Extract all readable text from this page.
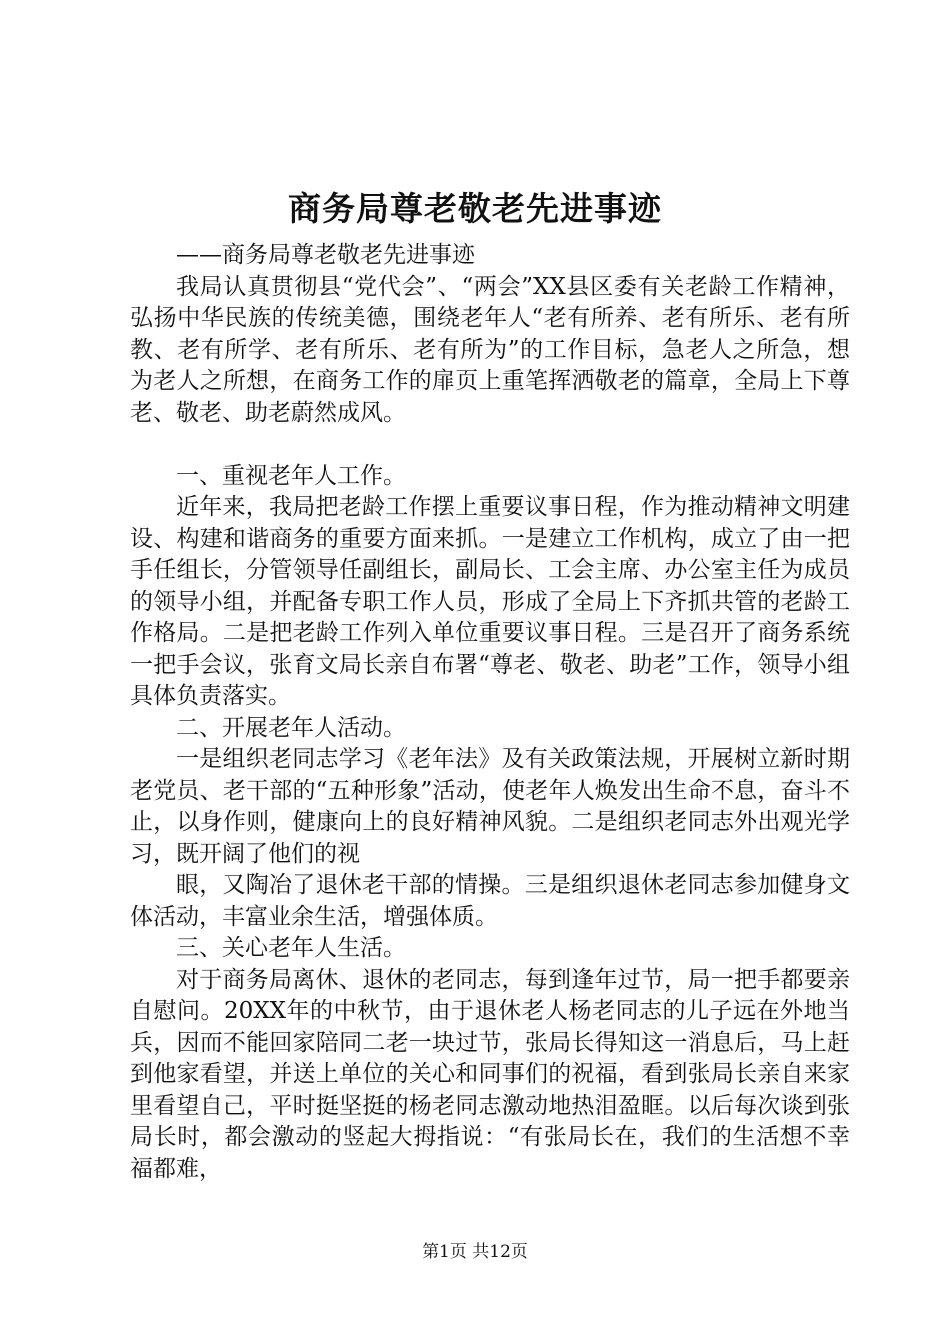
商务局尊老敬老先进事迹

——商务局尊老敬老先进事迹

我局认真贯彻县“党代会”、“两会”XX县区委有关老龄工作精神，弘扬中华民族的传统美德，围绕老年人“老有所养、老有所乐、老有所教、老有所学、老有所乐、老有所为”的工作目标，急老人之所急，想为老人之所想，在商务工作的扉页上重笔挥洒敬老的篇章，全局上下尊老、敬老、助老蔚然成风。

一、重视老年人工作。

近年来，我局把老龄工作摆上重要议事日程，作为推动精神文明建设、构建和谐商务的重要方面来抓。一是建立工作机构，成立了由一把手任组长，分管领导任副组长，副局长、工会主席、办公室主任为成员的领导小组，并配备专职工作人员，形成了全局上下齐抓共管的老龄工作格局。二是把老龄工作列入单位重要议事日程。三是召开了商务系统一把手会议，张育文局长亲自布署“尊老、敬老、助老”工作，领导小组具体负责落实。

二、开展老年人活动。

一是组织老同志学习《老年法》及有关政策法规，开展树立新时期老党员、老干部的“五种形象”活动，使老年人焕发出生命不息，奋斗不止，以身作则，健康向上的良好精神风貌。二是组织老同志外出观光学习，既开阔了他们的视

眼，又陶冶了退休老干部的情操。三是组织退休老同志参加健身文体活动，丰富业余生活，增强体质。

三、关心老年人生活。

对于商务局离休、退休的老同志，每到逢年过节，局一把手都要亲自慰问。20XX年的中秋节，由于退休老人杨老同志的儿子远在外地当兵，因而不能回家陪同二老一块过节，张局长得知这一消息后，马上赶到他家看望，并送上单位的关心和同事们的祝福，看到张局长亲自来家里看望自己，平时挺坚挺的杨老同志激动地热泪盈眶。以后每次谈到张局长时，都会激动的竖起大拇指说：“有张局长在，我们的生活想不幸福都难，

第1页 共12页
